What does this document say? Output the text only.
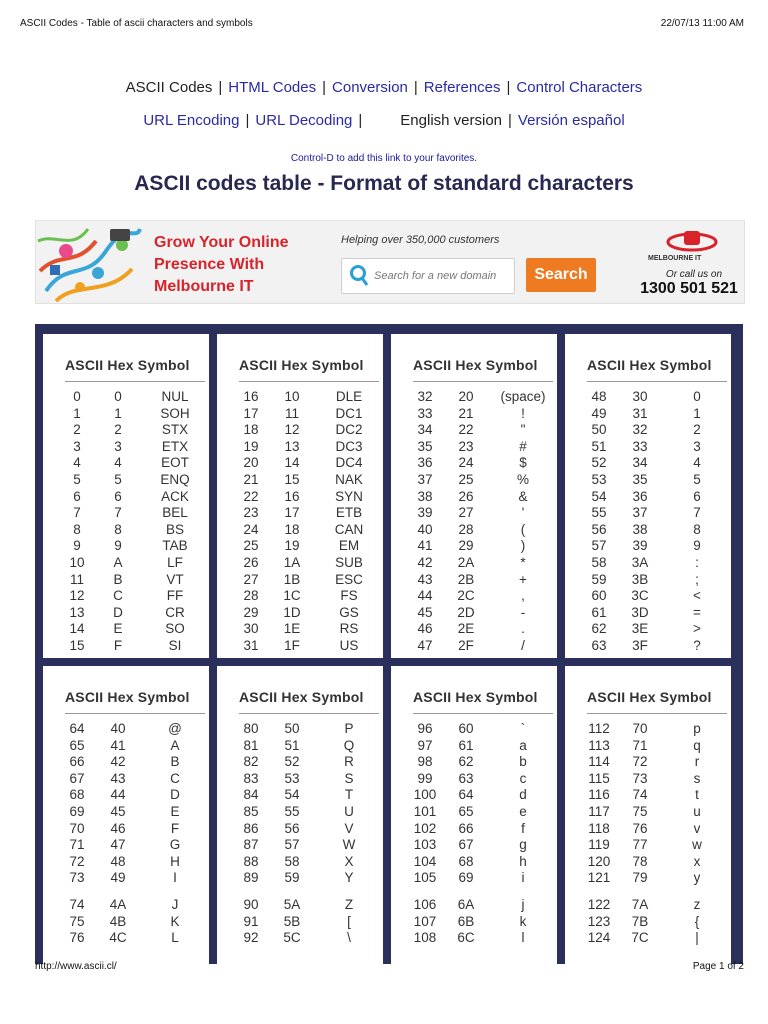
ASCII Codes - Table of ascii characters and symbols	22/07/13 11:00 AM
ASCII Codes | HTML Codes | Conversion | References | Control Characters
URL Encoding | URL Decoding |	English version | Versión español
Control-D to add this link to your favorites.
ASCII codes table - Format of standard characters
Grow Your Online
Presence With
Melbourne IT
Helping over 350,000 customers
Search for a new domain	Search
MELBOURNE IT
Or call us on
1300 501 521
ASCII Hex Symbol
0	0	NUL
1	1	SOH
2	2	STX
3	3	ETX
4	4	EOT
5	5	ENQ
6	6	ACK
7	7	BEL
8	8	BS
9	9	TAB
10	A	LF
11	B	VT
12	C	FF
13	D	CR
14	E	SO
15	F	SI
ASCII Hex Symbol
16	10	DLE
17	11	DC1
18	12	DC2
19	13	DC3
20	14	DC4
21	15	NAK
22	16	SYN
23	17	ETB
24	18	CAN
25	19	EM
26	1A	SUB
27	1B	ESC
28	1C	FS
29	1D	GS
30	1E	RS
31	1F	US
ASCII Hex Symbol
32	20	(space)
33	21	!
34	22	"
35	23	#
36	24	$
37	25	%
38	26	&
39	27	'
40	28	(
41	29	)
42	2A	*
43	2B	+
44	2C	,
45	2D	-
46	2E	.
47	2F	/
ASCII Hex Symbol
48	30	0
49	31	1
50	32	2
51	33	3
52	34	4
53	35	5
54	36	6
55	37	7
56	38	8
57	39	9
58	3A	:
59	3B	;
60	3C	<
61	3D	=
62	3E	>
63	3F	?
ASCII Hex Symbol
64	40	@
65	41	A
66	42	B
67	43	C
68	44	D
69	45	E
70	46	F
71	47	G
72	48	H
73	49	I
74	4A	J
75	4B	K
76	4C	L
ASCII Hex Symbol
80	50	P
81	51	Q
82	52	R
83	53	S
84	54	T
85	55	U
86	56	V
87	57	W
88	58	X
89	59	Y
90	5A	Z
91	5B	[
92	5C	\
ASCII Hex Symbol
96	60	`
97	61	a
98	62	b
99	63	c
100	64	d
101	65	e
102	66	f
103	67	g
104	68	h
105	69	i
106	6A	j
107	6B	k
108	6C	l
ASCII Hex Symbol
112	70	p
113	71	q
114	72	r
115	73	s
116	74	t
117	75	u
118	76	v
119	77	w
120	78	x
121	79	y
122	7A	z
123	7B	{
124	7C	|
http://www.ascii.cl/	Page 1 of 2
